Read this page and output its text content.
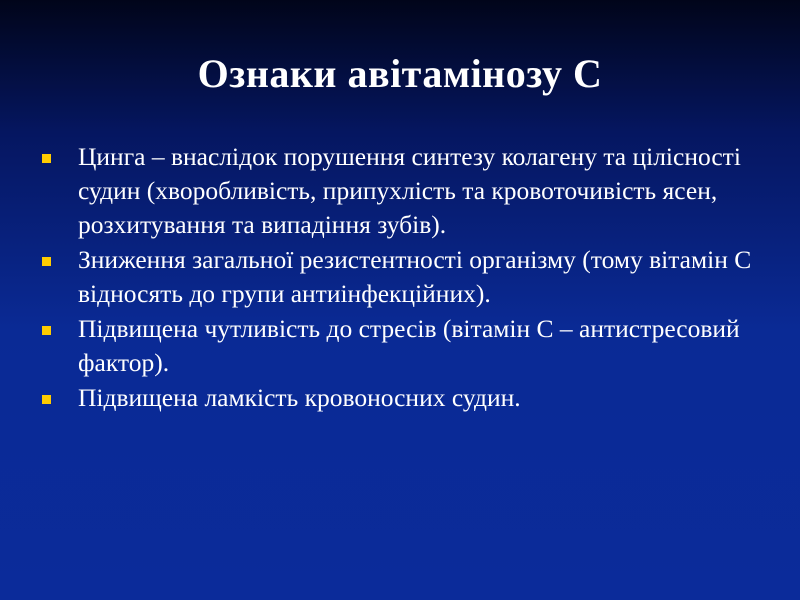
Ознаки авітамінозу С
Цинга – внаслідок порушення синтезу колагену та цілісності судин (хворобливість, припухлість та кровоточивість ясен, розхитування та випадіння зубів).
Зниження загальної резистентності організму (тому вітамін С відносять до групи антиінфекційних).
Підвищена чутливість до стресів (вітамін С – антистресовий фактор).
Підвищена ламкість кровоносних судин.
